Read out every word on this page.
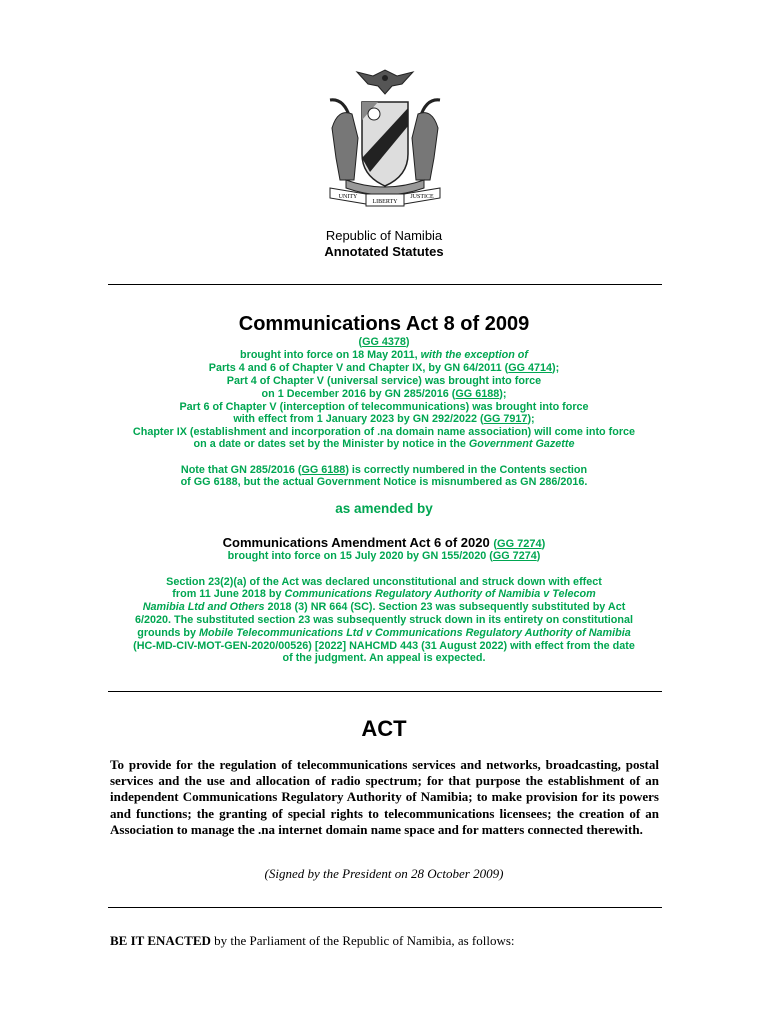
UNITY
LIBERTY
JUSTICE
Republic of Namibia
Annotated Statutes
Communications Act 8 of 2009
(GG 4378)
brought into force on 18 May 2011, with the exception of
Parts 4 and 6 of Chapter V and Chapter IX, by GN 64/2011 (GG 4714);
Part 4 of Chapter V (universal service) was brought into force
on 1 December 2016 by GN 285/2016 (GG 6188);
Part 6 of Chapter V (interception of telecommunications) was brought into force
with effect from 1 January 2023 by GN 292/2022 (GG 7917);
Chapter IX (establishment and incorporation of .na domain name association) will come into force
on a date or dates set by the Minister by notice in the Government Gazette
Note that GN 285/2016 (GG 6188) is correctly numbered in the Contents section
of GG 6188, but the actual Government Notice is misnumbered as GN 286/2016.
as amended by
Communications Amendment Act 6 of 2020 (GG 7274)
brought into force on 15 July 2020 by GN 155/2020 (GG 7274)
Section 23(2)(a) of the Act was declared unconstitutional and struck down with effect
from 11 June 2018 by Communications Regulatory Authority of Namibia v Telecom
Namibia Ltd and Others 2018 (3) NR 664 (SC). Section 23 was subsequently substituted by Act
6/2020. The substituted section 23 was subsequently struck down in its entirety on constitutional
grounds by Mobile Telecommunications Ltd v Communications Regulatory Authority of Namibia
(HC-MD-CIV-MOT-GEN-2020/00526) [2022] NAHCMD 443 (31 August 2022) with effect from the date
of the judgment. An appeal is expected.
ACT
To provide for the regulation of telecommunications services and networks, broadcasting, postal services and the use and allocation of radio spectrum; for that purpose the establishment of an independent Communications Regulatory Authority of Namibia; to make provision for its powers and functions; the granting of special rights to telecommunications licensees; the creation of an Association to manage the .na internet domain name space and for matters connected therewith.
(Signed by the President on 28 October 2009)
BE IT ENACTED by the Parliament of the Republic of Namibia, as follows:
